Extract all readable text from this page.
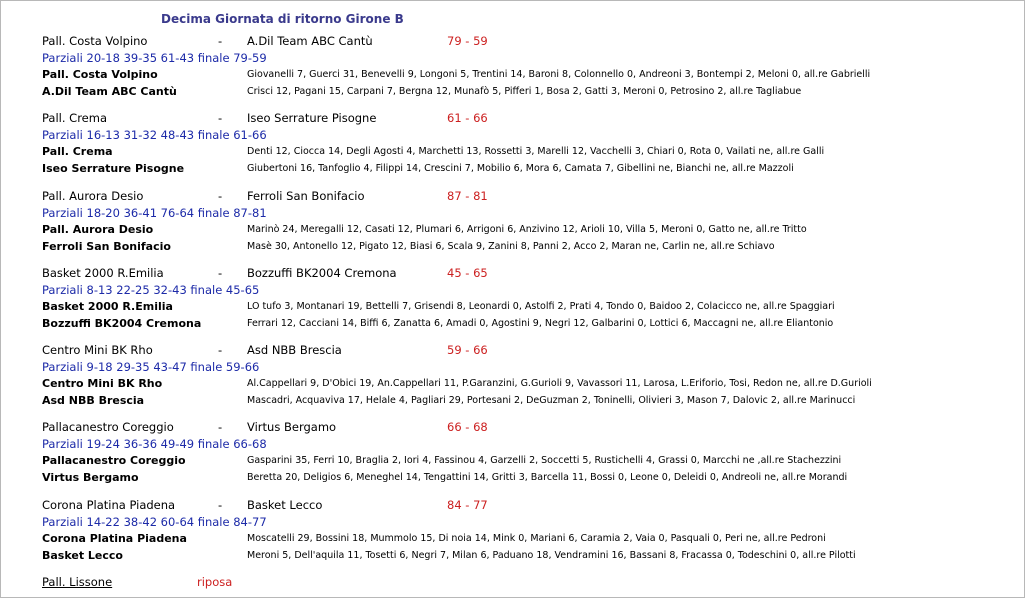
Decima Giornata di ritorno Girone B
Pall. Costa Volpino	- A.Dil Team ABC Cantù	79 - 59
Parziali 20-18 39-35 61-43 finale 79-59
Pall. Costa Volpino	Giovanelli 7, Guerci 31, Benevelli 9, Longoni 5, Trentini 14, Baroni 8, Colonnello 0, Andreoni 3, Bontempi 2, Meloni 0, all.re Gabrielli
A.Dil Team ABC Cantù	Crisci 12, Pagani 15, Carpani 7, Bergna 12, Munafò 5, Pifferi 1, Bosa 2, Gatti 3, Meroni 0, Petrosino 2, all.re Tagliabue
Pall. Crema	- Iseo Serrature Pisogne	61 - 66
Parziali 16-13 31-32 48-43 finale 61-66
Pall. Crema	Denti 12, Ciocca 14, Degli Agosti 4, Marchetti 13, Rossetti 3, Marelli 12, Vacchelli 3, Chiari 0, Rota 0, Vailati ne, all.re Galli
Iseo Serrature Pisogne	Giubertoni 16, Tanfoglio 4, Filippi 14, Crescini 7, Mobilio 6, Mora 6, Camata 7, Gibellini ne, Bianchi ne, all.re Mazzoli
Pall. Aurora Desio	- Ferroli San Bonifacio	87 - 81
Parziali 18-20 36-41 76-64 finale 87-81
Pall. Aurora Desio	Marinò 24, Meregalli 12, Casati 12, Plumari 6, Arrigoni 6, Anzivino 12, Arioli 10, Villa 5, Meroni 0, Gatto ne, all.re Tritto
Ferroli San Bonifacio	Masè 30, Antonello 12, Pigato 12, Biasi 6, Scala 9, Zanini 8, Panni 2, Acco 2, Maran ne, Carlin ne, all.re Schiavo
Basket 2000 R.Emilia	- Bozzuffi BK2004 Cremona	45 - 65
Parziali 8-13 22-25 32-43 finale 45-65
Basket 2000 R.Emilia	LO tufo 3, Montanari 19, Bettelli 7, Grisendi 8, Leonardi 0, Astolfi 2, Prati 4, Tondo 0, Baidoo 2, Colacicco ne, all.re Spaggiari
Bozzuffi BK2004 Cremona	Ferrari 12, Cacciani 14, Biffi 6, Zanatta 6, Amadi 0, Agostini 9, Negri 12, Galbarini 0, Lottici 6, Maccagni ne, all.re Eliantonio
Centro Mini BK Rho	- Asd NBB Brescia	59 - 66
Parziali 9-18 29-35 43-47 finale 59-66
Centro Mini BK Rho	Al.Cappellari 9, D'Obici 19, An.Cappellari 11, P.Garanzini, G.Gurioli 9, Vavassori 11, Larosa, L.Eriforio, Tosi, Redon ne, all.re D.Gurioli
Asd NBB Brescia	Mascadri, Acquaviva 17, Helale 4, Pagliari 29, Portesani 2, DeGuzman 2, Toninelli, Olivieri 3, Mason 7, Dalovic 2, all.re Marinucci
Pallacanestro Coreggio	- Virtus Bergamo	66 - 68
Parziali 19-24 36-36 49-49 finale 66-68
Pallacanestro Coreggio	Gasparini 35, Ferri 10, Braglia 2, Iori 4, Fassinou 4, Garzelli 2, Soccetti 5, Rustichelli 4, Grassi 0, Marcchi ne ,all.re Stachezzini
Virtus Bergamo	Beretta 20, Deligios 6, Meneghel 14, Tengattini 14, Gritti 3, Barcella 11, Bossi 0, Leone 0, Deleidi 0, Andreoli ne, all.re Morandi
Corona Platina Piadena	- Basket Lecco	84 - 77
Parziali 14-22 38-42 60-64 finale 84-77
Corona Platina Piadena	Moscatelli 29, Bossini 18, Mummolo 15, Di noia 14, Mink 0, Mariani 6, Caramia 2, Vaia 0, Pasquali 0, Peri ne, all.re Pedroni
Basket Lecco	Meroni 5, Dell'aquila 11, Tosetti 6, Negri 7, Milan 6, Paduano 18, Vendramini 16, Bassani 8, Fracassa 0, Todeschini 0, all.re Pilotti
Pall. Lissone	riposa
